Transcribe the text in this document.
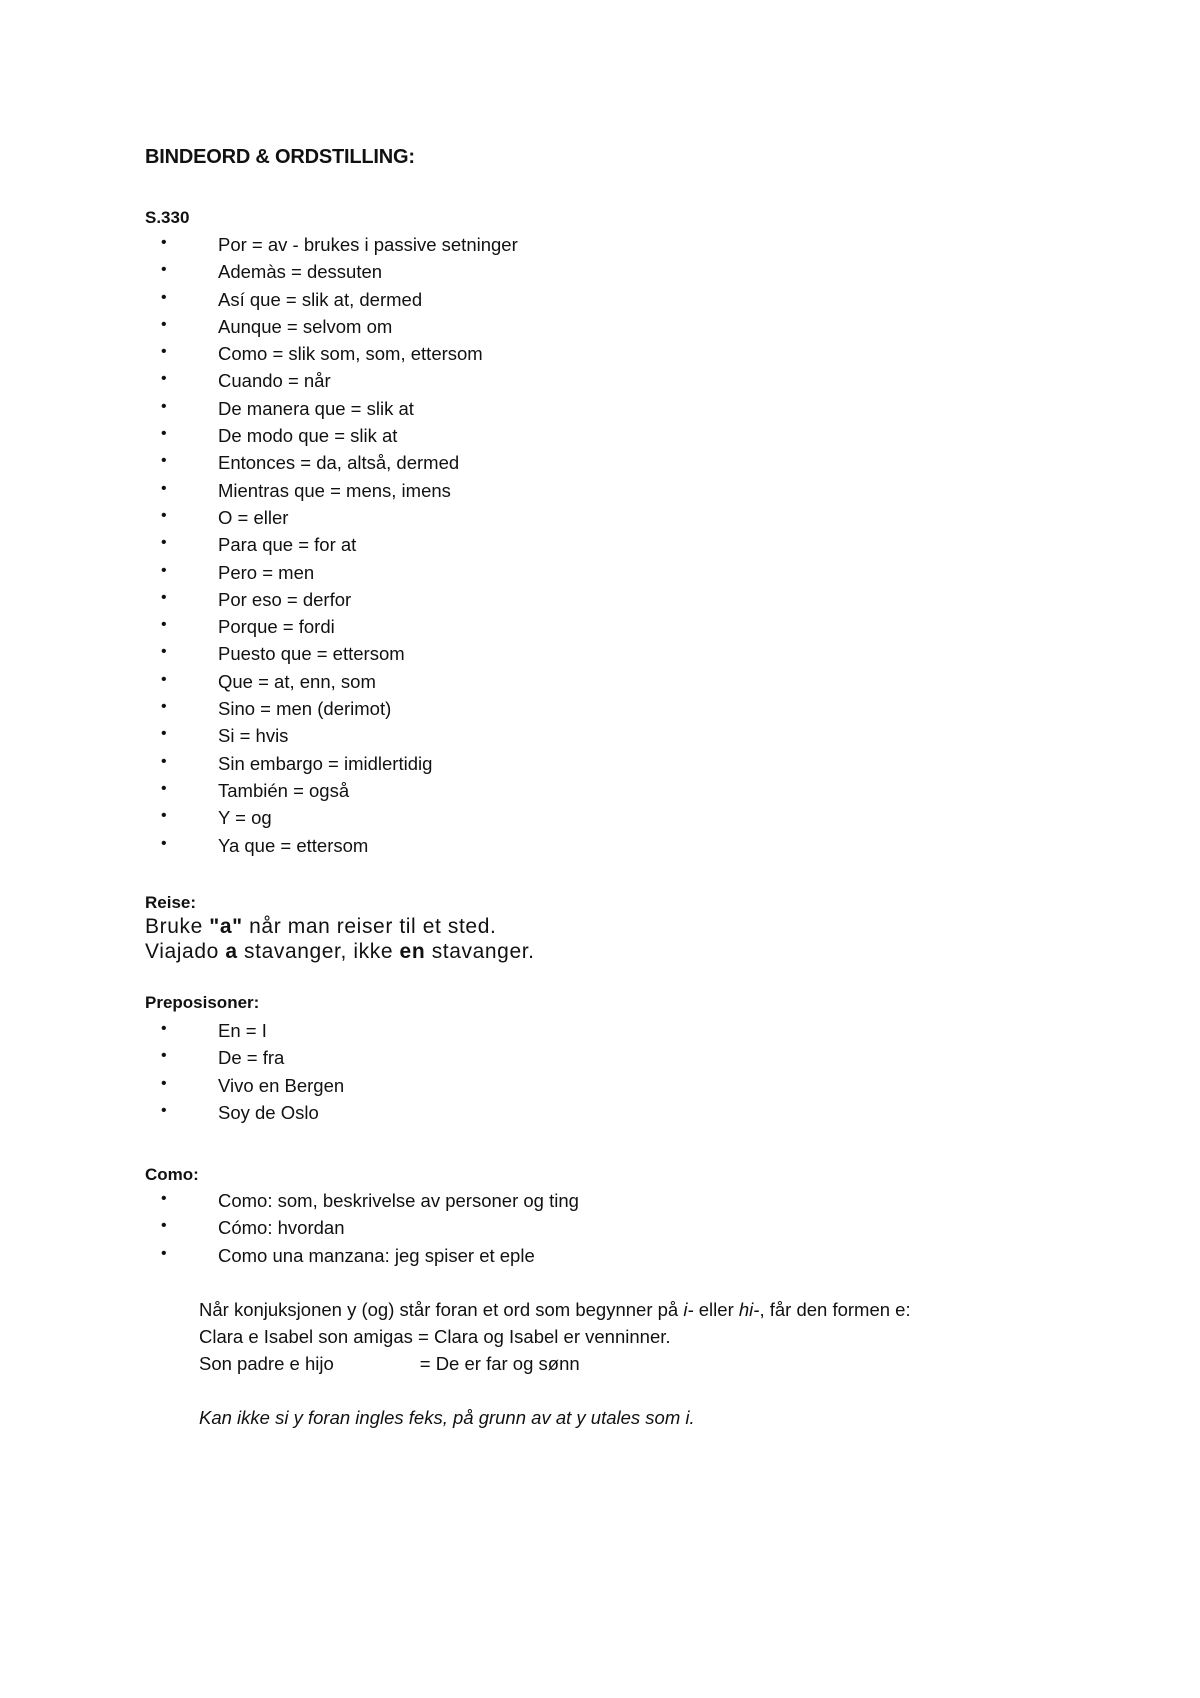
BINDEORD & ORDSTILLING:
S.330
•	Por = av - brukes i passive setninger
•	Ademàs = dessuten
•	Así que = slik at, dermed
•	Aunque = selvom om
•	Como = slik som, som, ettersom
•	Cuando = når
•	De manera que = slik at
•	De modo que = slik at
•	Entonces = da, altså, dermed
•	Mientras que = mens, imens
•	O = eller
•	Para que = for at
•	Pero = men
•	Por eso = derfor
•	Porque = fordi
•	Puesto que = ettersom
•	Que = at, enn, som
•	Sino = men (derimot)
•	Si = hvis
•	Sin embargo = imidlertidig
•	También = også
•	Y = og
•	Ya que = ettersom
Reise:
Bruke "a" når man reiser til et sted.
Viajado a stavanger, ikke en stavanger.
Preposisoner:
•	En = I
•	De = fra
•	Vivo en Bergen
•	Soy de Oslo
Como:
•	Como: som, beskrivelse av personer og ting
•	Cómo: hvordan
•	Como una manzana: jeg spiser et eple
Når konjuksjonen y (og) står foran et ord som begynner på i- eller hi-, får den formen e:
Clara e Isabel son amigas = Clara og Isabel er venninner.
Son padre e hijo	= De er far og sønn
Kan ikke si y foran ingles feks, på grunn av at y utales som i.
